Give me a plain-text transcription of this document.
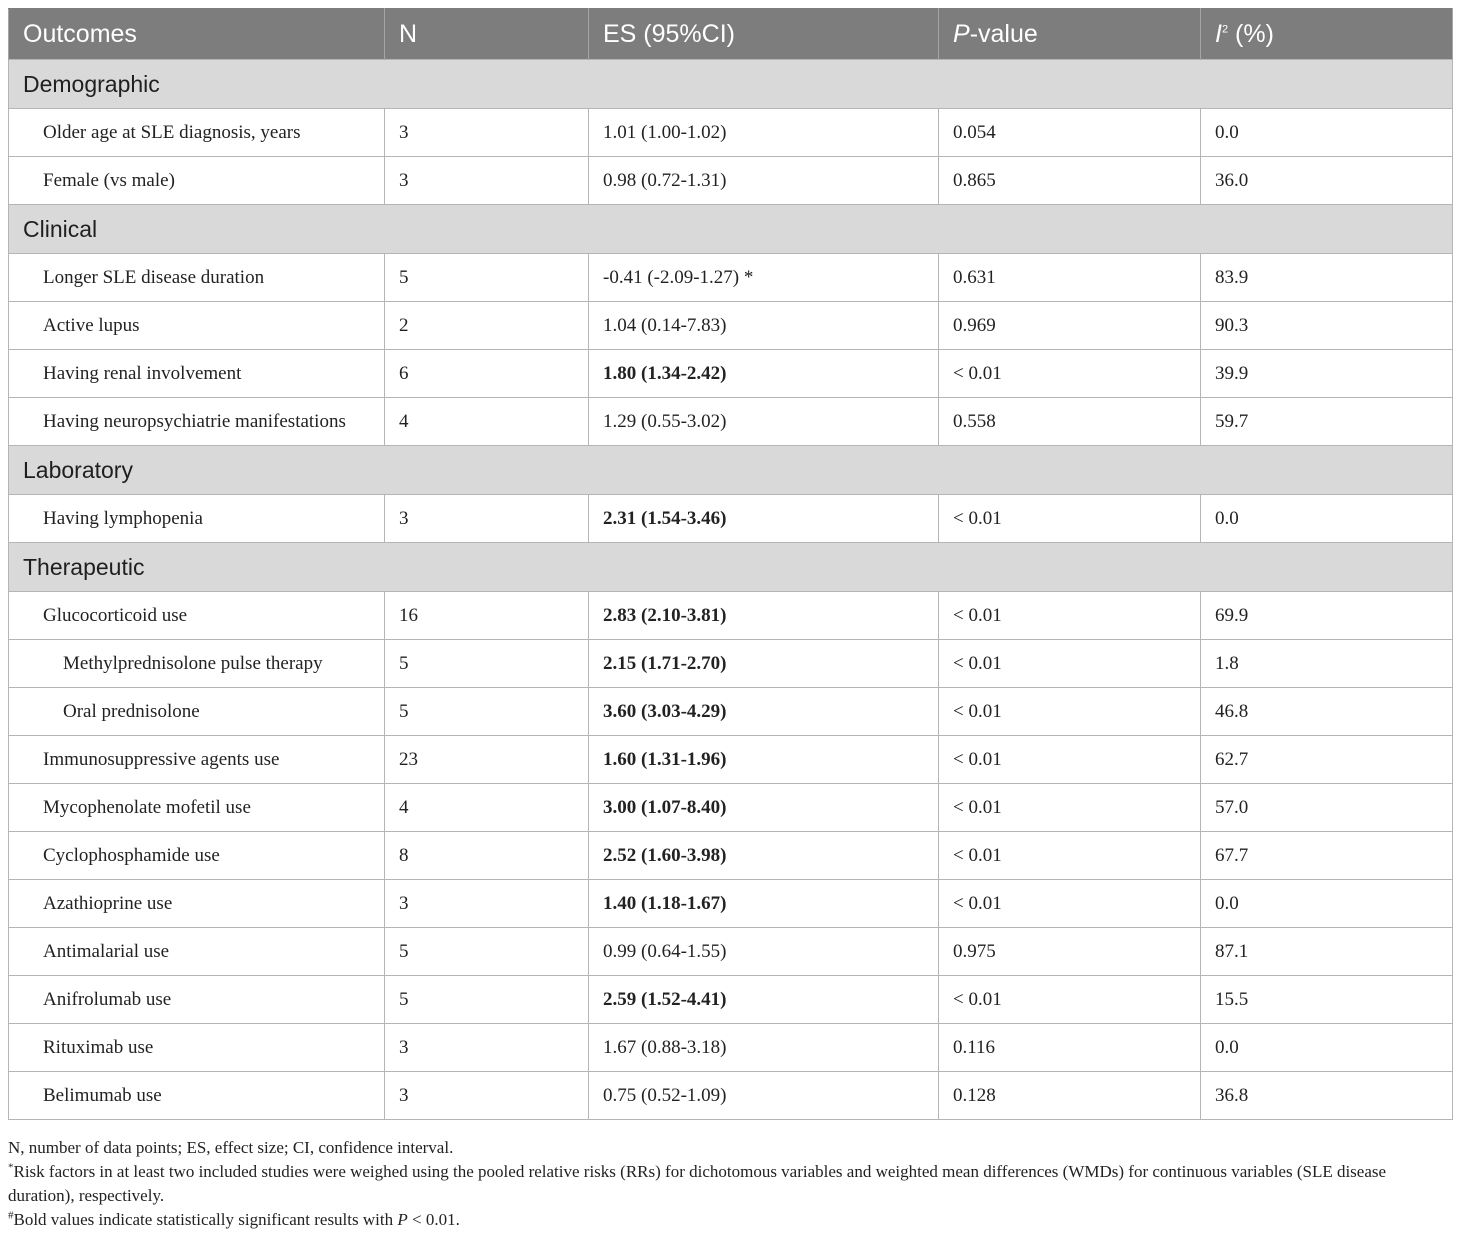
Outcomes	N	ES (95%CI)	P-value	$I^2$ (%)
Demographic				
Older age at SLE diagnosis, years	3	1.01 (1.00-1.02)	0.054	0.0
Female (vs male)	3	0.98 (0.72-1.31)	0.865	36.0
Clinical				
Longer SLE disease duration	5	-0.41 (-2.09-1.27) *	0.631	83.9
Active lupus	2	1.04 (0.14-7.83)	0.969	90.3
Having renal involvement	6	1.80 (1.34-2.42)	< 0.01	39.9
Having neuropsychiatrie manifestations	4	1.29 (0.55-3.02)	0.558	59.7
Laboratory				
Having lymphopenia	3	2.31 (1.54-3.46)	< 0.01	0.0
Therapeutic				
Glucocorticoid use	16	2.83 (2.10-3.81)	< 0.01	69.9
Methylprednisolone pulse therapy	5	2.15 (1.71-2.70)	< 0.01	1.8
Oral prednisolone	5	3.60 (3.03-4.29)	< 0.01	46.8
Immunosuppressive agents use	23	1.60 (1.31-1.96)	< 0.01	62.7
Mycophenolate mofetil use	4	3.00 (1.07-8.40)	< 0.01	57.0
Cyclophosphamide use	8	2.52 (1.60-3.98)	< 0.01	67.7
Azathioprine use	3	1.40 (1.18-1.67)	< 0.01	0.0
Antimalarial use	5	0.99 (0.64-1.55)	0.975	87.1
Anifrolumab use	5	2.59 (1.52-4.41)	< 0.01	15.5
Rituximab use	3	1.67 (0.88-3.18)	0.116	0.0
Belimumab use	3	0.75 (0.52-1.09)	0.128	36.8

N, number of data points; ES, effect size; CI, confidence interval.

*Risk factors in at least two included studies were weighed using the pooled relative risks (RRs) for dichotomous variables and weighted mean differences (WMDs) for continuous variables (SLE disease duration), respectively.

#Bold values indicate statistically significant results with P < 0.01.
